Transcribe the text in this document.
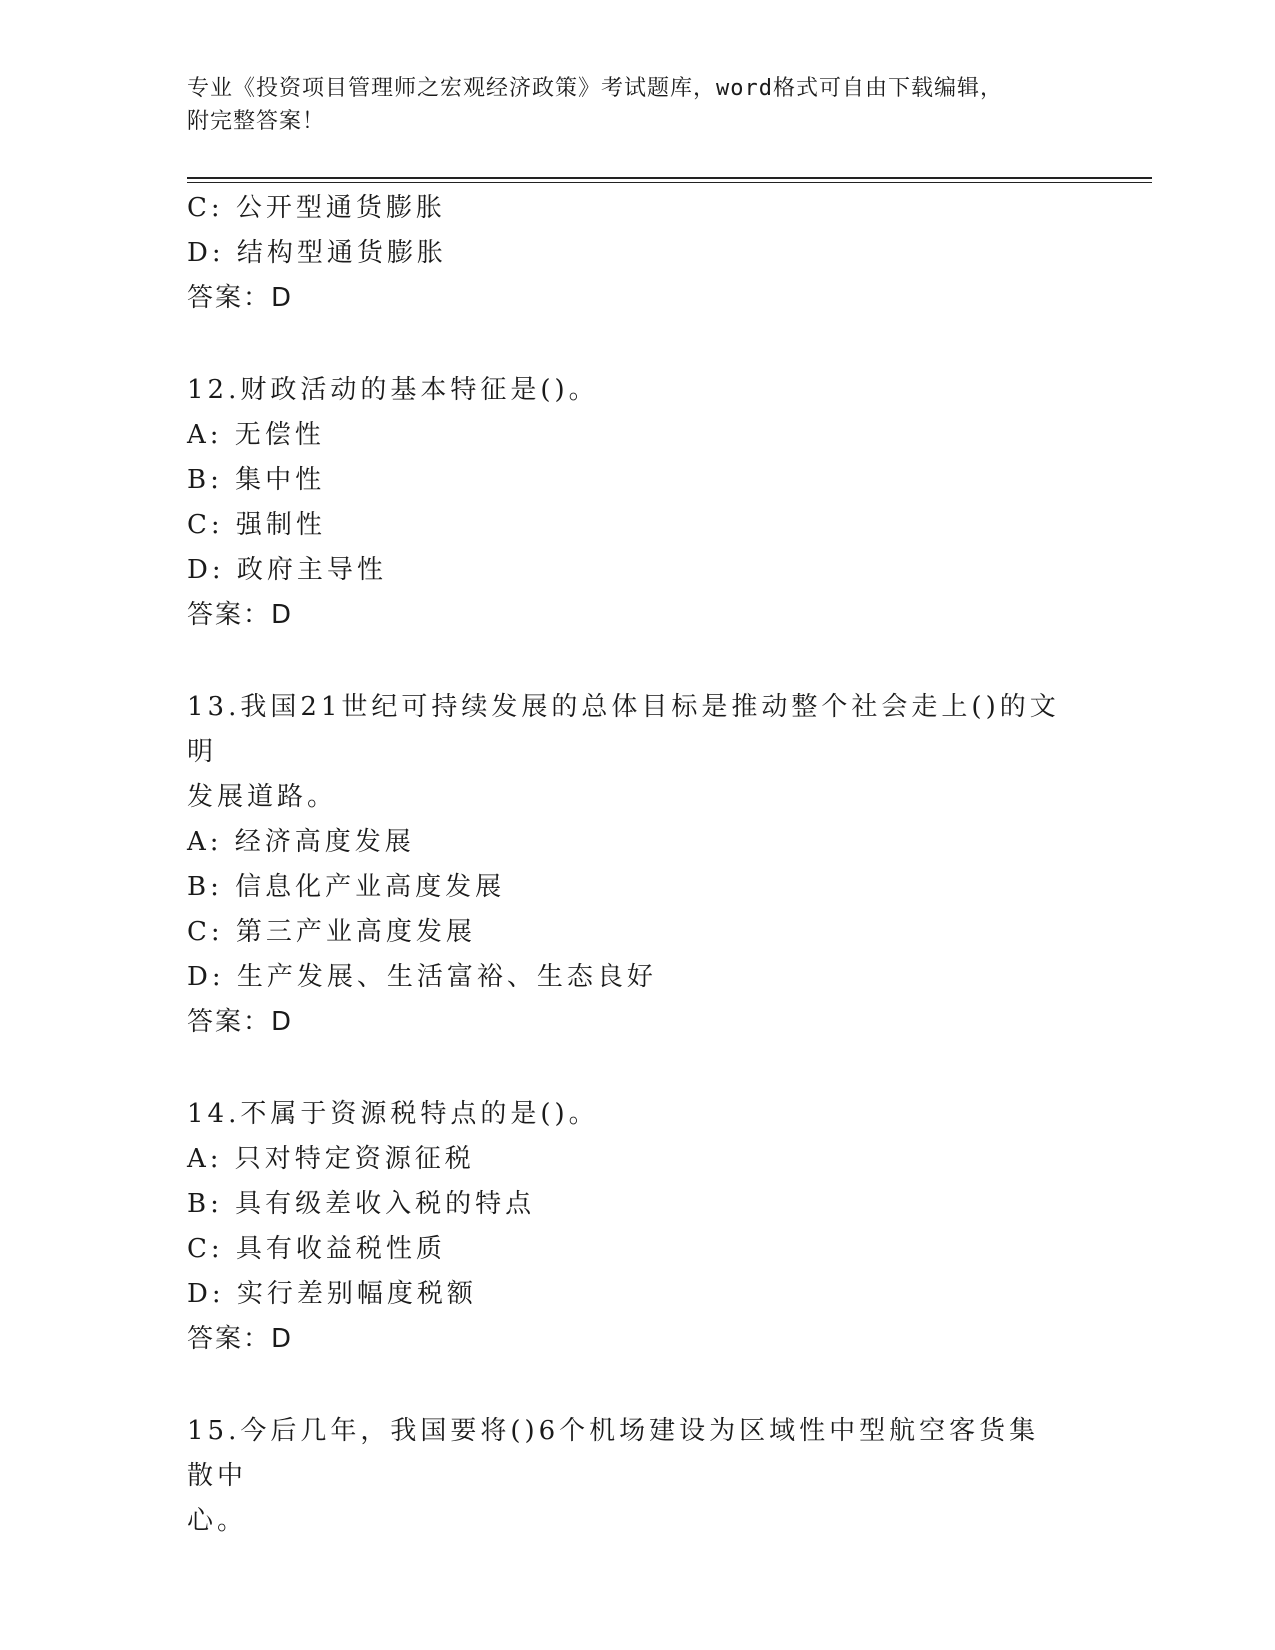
专业《投资项目管理师之宏观经济政策》考试题库，word格式可自由下载编辑，
附完整答案！
C: 公开型通货膨胀
D: 结构型通货膨胀
答案：D
12.财政活动的基本特征是()。
A: 无偿性
B: 集中性
C: 强制性
D: 政府主导性
答案：D
13.我国21世纪可持续发展的总体目标是推动整个社会走上()的文明
发展道路。
A: 经济高度发展
B: 信息化产业高度发展
C: 第三产业高度发展
D: 生产发展、生活富裕、生态良好
答案：D
14.不属于资源税特点的是()。
A: 只对特定资源征税
B: 具有级差收入税的特点
C: 具有收益税性质
D: 实行差别幅度税额
答案：D
15.今后几年，我国要将()6个机场建设为区域性中型航空客货集散中
心。
